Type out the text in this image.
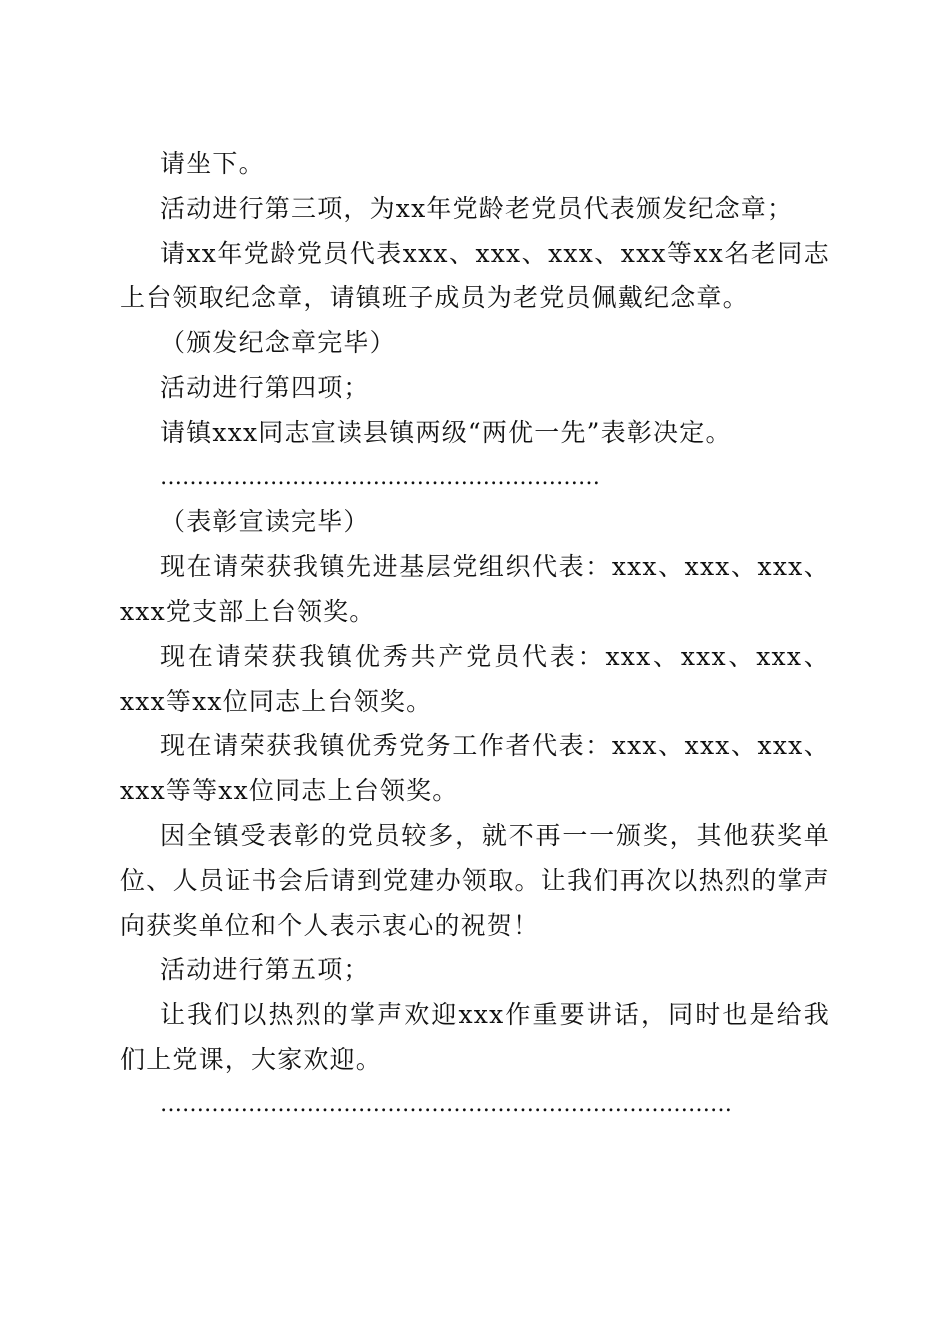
请坐下。

活动进行第三项，为xx年党龄老党员代表颁发纪念章；

请xx年党龄党员代表xxx、xxx、xxx、xxx等xx名老同志上台领取纪念章，请镇班子成员为老党员佩戴纪念章。

（颁发纪念章完毕）

活动进行第四项；

请镇xxx同志宣读县镇两级“两优一先”表彰决定。

……………………………………………………

（表彰宣读完毕）

现在请荣获我镇先进基层党组织代表：xxx、xxx、xxx、xxx党支部上台领奖。

现在请荣获我镇优秀共产党员代表：xxx、xxx、xxx、xxx等xx位同志上台领奖。

现在请荣获我镇优秀党务工作者代表：xxx、xxx、xxx、xxx等等xx位同志上台领奖。

因全镇受表彰的党员较多，就不再一一颁奖，其他获奖单位、人员证书会后请到党建办领取。让我们再次以热烈的掌声向获奖单位和个人表示衷心的祝贺！

活动进行第五项；

让我们以热烈的掌声欢迎xxx作重要讲话，同时也是给我们上党课，大家欢迎。

……………………………………………………………………
